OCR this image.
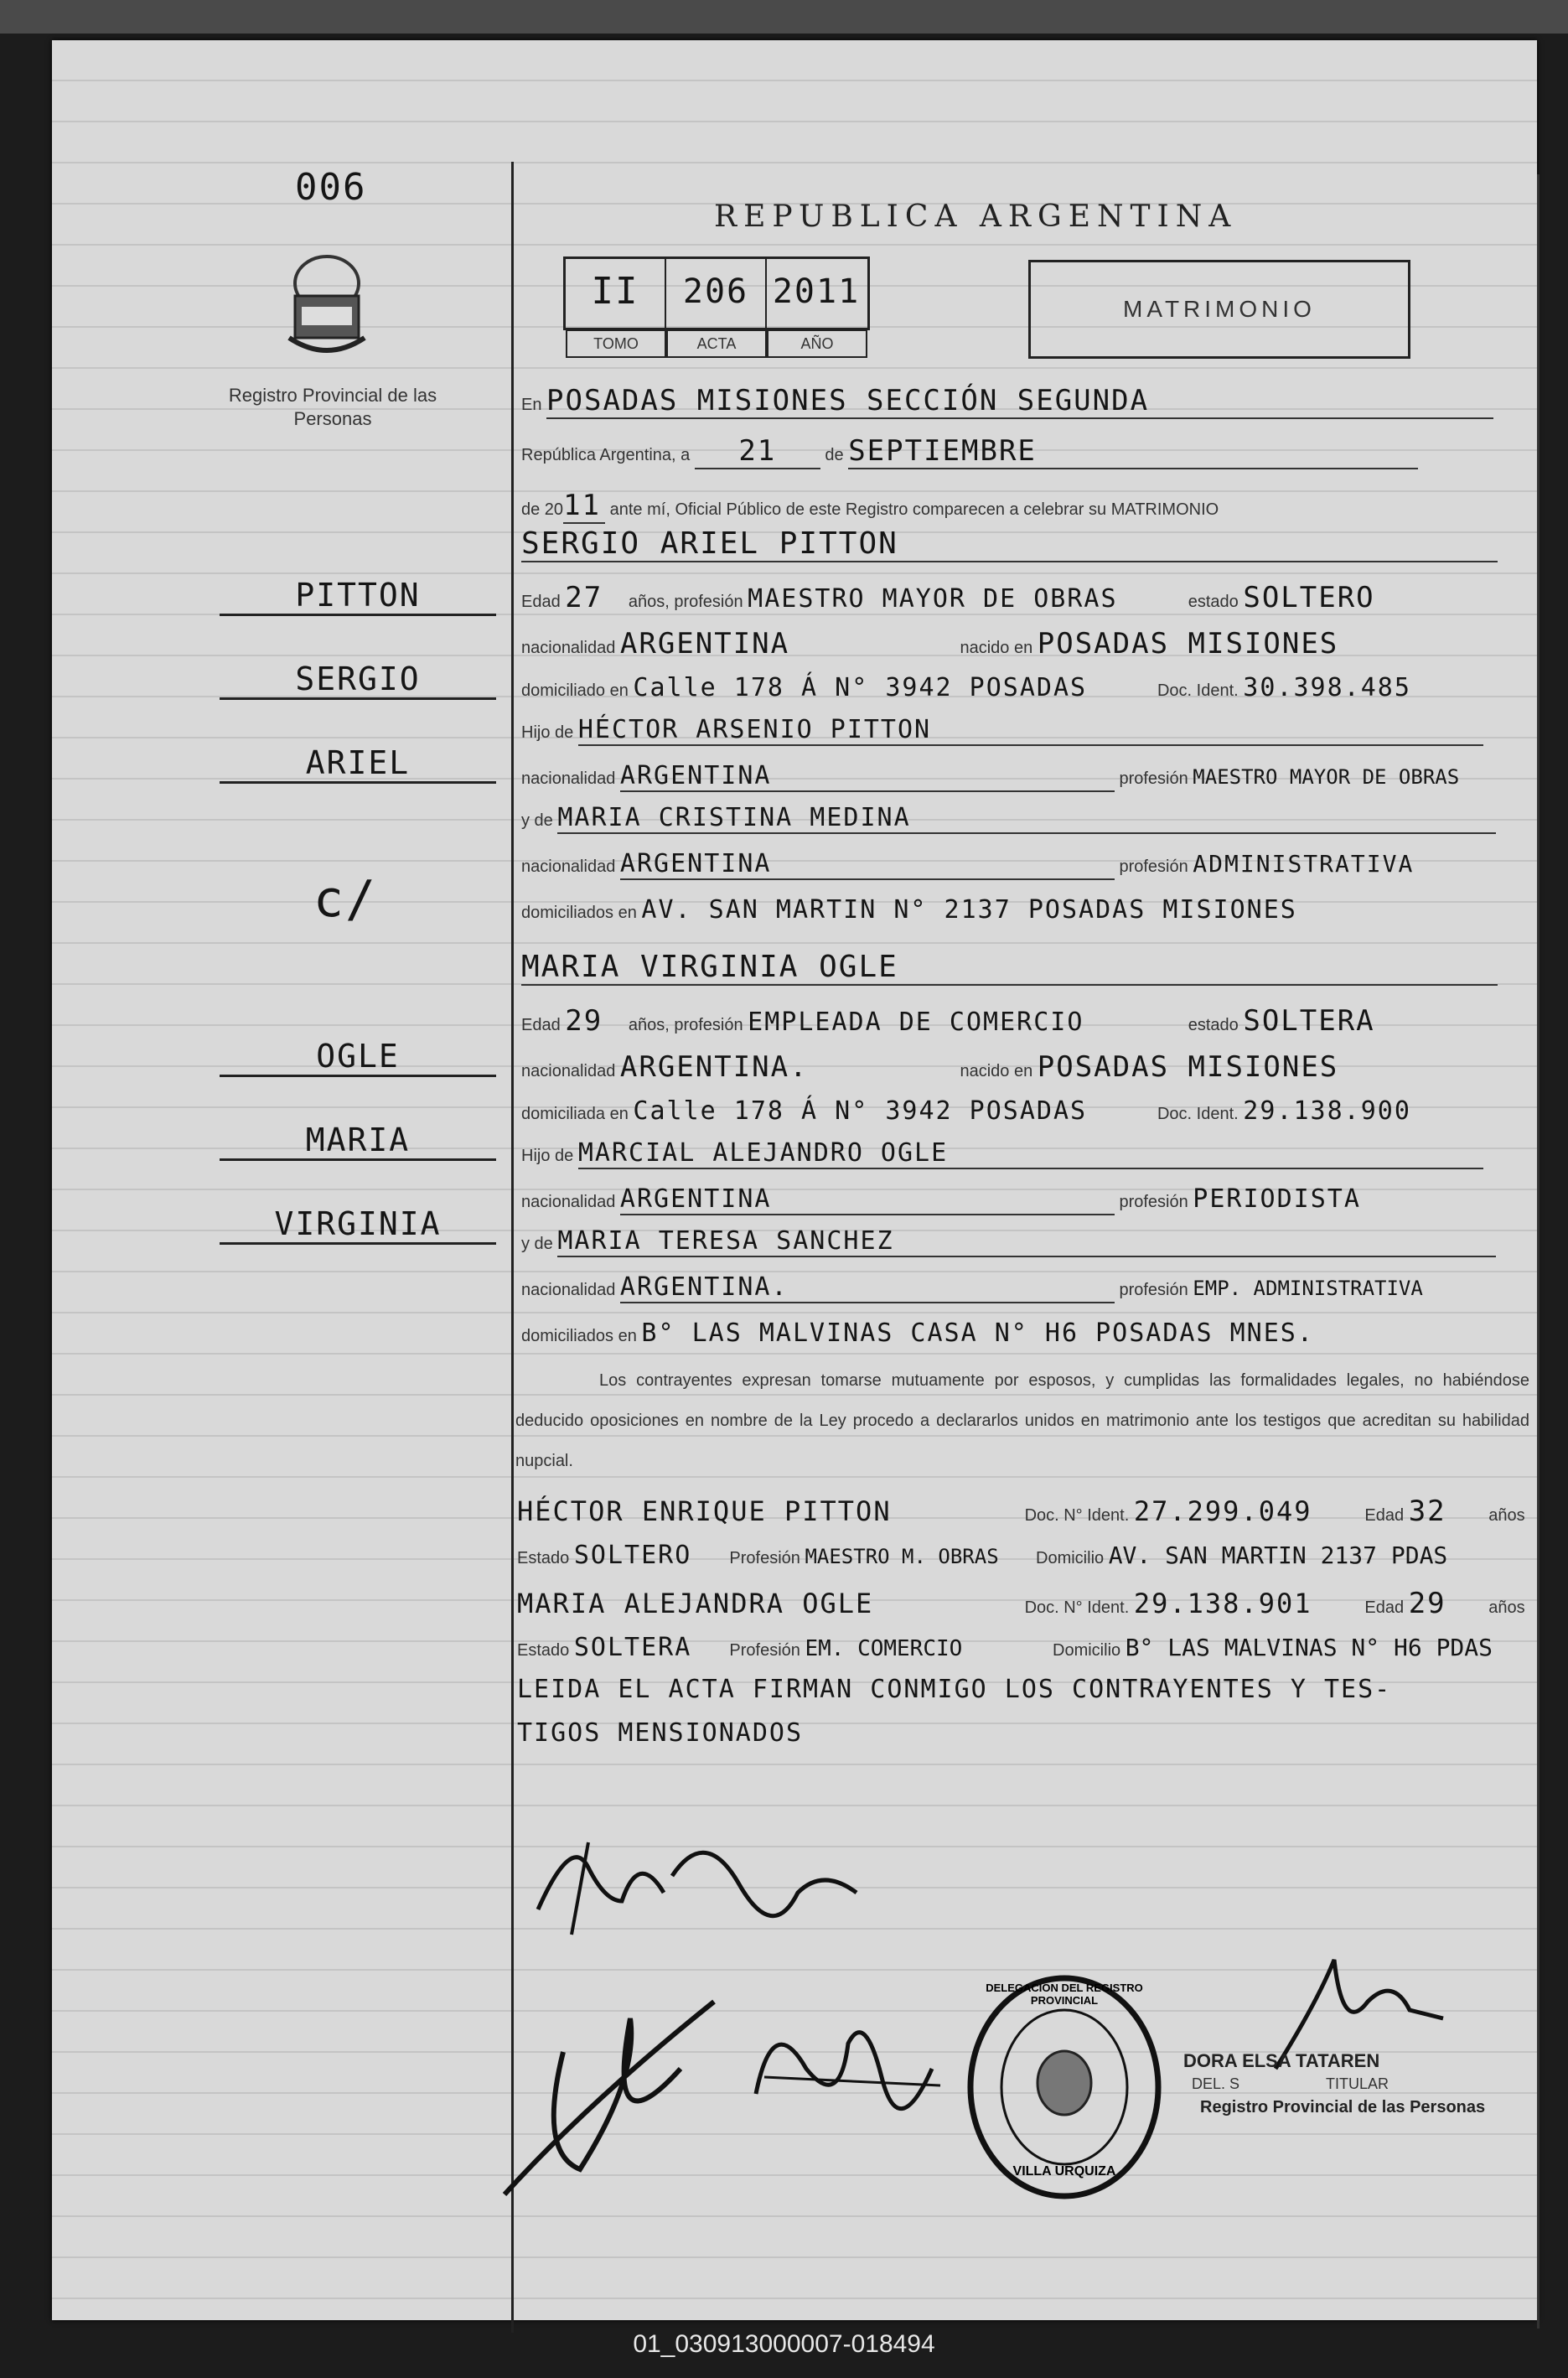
006
Registro Provincial de las Personas
REPUBLICA ARGENTINA
II	206 2011
TOMO	ACTA	AÑO
MATRIMONIO
PITTON
SERGIO
ARIEL
c/
OGLE
MARIA
VIRGINIA
En POSADAS MISIONES SECCIÓN SEGUNDA
República Argentina, a 21	de SEPTIEMBRE
de 2011 ante mí, Oficial Público de este Registro comparecen a celebrar su MATRIMONIO
SERGIO ARIEL PITTON
Edad 27 años, profesión MAESTRO MAYOR DE OBRAS	estado SOLTERO
nacionalidad ARGENTINA	nacido en POSADAS MISIONES
domiciliado en Calle 178 Á N° 3942 POSADAS	Doc. Ident. 30.398.485
Hijo de HÉCTOR ARSENIO PITTON
nacionalidad ARGENTINA	profesión MAESTRO MAYOR DE OBRAS
y de MARIA CRISTINA MEDINA
nacionalidad ARGENTINA	profesión ADMINISTRATIVA
domiciliados en AV. SAN MARTIN N° 2137 POSADAS MISIONES
MARIA VIRGINIA OGLE
Edad 29 años, profesión EMPLEADA DE COMERCIO	estado SOLTERA
nacionalidad ARGENTINA.	nacido en POSADAS MISIONES
domiciliada en Calle 178 Á N° 3942 POSADAS	Doc. Ident. 29.138.900
Hijo de MARCIAL ALEJANDRO OGLE
nacionalidad ARGENTINA	profesión PERIODISTA
y de MARIA TERESA SANCHEZ
nacionalidad ARGENTINA.	profesión EMP. ADMINISTRATIVA
domiciliados en B° LAS MALVINAS CASA N° H6 POSADAS MNES.
Los contrayentes expresan tomarse mutuamente por esposos, y cumplidas las formalidades legales, no habiéndose deducido oposiciones en nombre de la Ley procedo a declararlos unidos en matrimonio ante los testigos que acreditan su habilidad nupcial.
HÉCTOR ENRIQUE PITTON	Doc. N° Ident. 27.299.049	Edad 32	años
Estado SOLTERO Profesión MAESTRO M. OBRAS Domicilio AV. SAN MARTIN 2137 PDAS
MARIA ALEJANDRA OGLE	Doc. N° Ident. 29.138.901	Edad 29	años
Estado SOLTERA Profesión EM. COMERCIO	Domicilio B° LAS MALVINAS N° H6 PDAS
LEIDA EL ACTA FIRMAN CONMIGO LOS CONTRAYENTES Y TES-
TIGOS MENSIONADOS
DELEGACION DEL REGISTRO PROVINCIAL
VILLA URQUIZA
DORA ELSA TATAREN
DEL. S	TITULAR
Registro Provincial de las Personas
01_030913000007-018494
